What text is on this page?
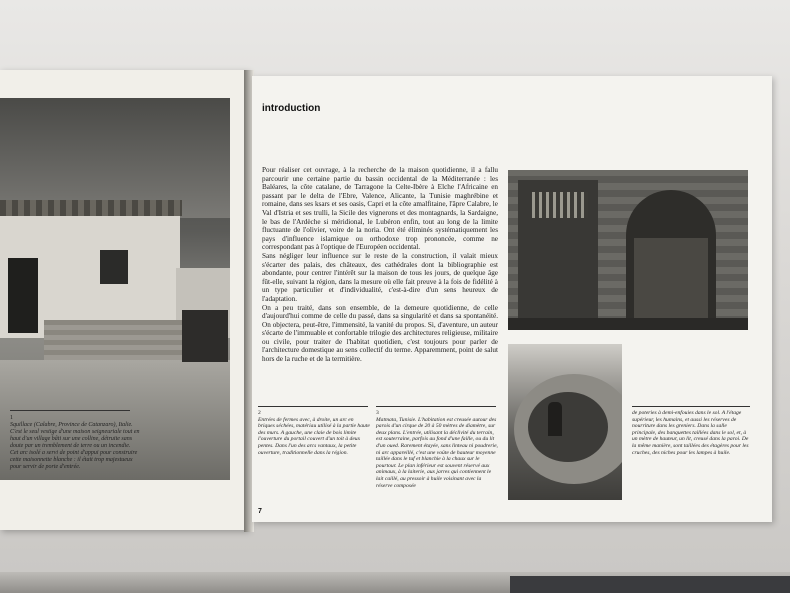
1
Squillace (Calabre, Province de Catanzaro), Italie. C'est le seul vestige d'une maison seigneuriale tout en haut d'un village bâti sur une colline, détruite sans doute par un tremblement de terre ou un incendie. Cet arc isolé a servi de point d'appui pour construire cette maisonnette blanche : il était trop majestueux pour servir de porte d'entrée.
introduction

Pour réaliser cet ouvrage, à la recherche de la maison quotidienne, il a fallu parcourir une certaine partie du bassin occidental de la Méditerranée : les Baléares, la côte catalane, de Tarragone la Celte-Ibère à Elche l'Africaine en passant par le delta de l'Ebre, Valence, Alicante, la Tunisie maghrébine et romaine, dans ses ksars et ses oasis, Capri et la côte amalfitaine, l'âpre Calabre, le Val d'Istria et ses trulli, la Sicile des vignerons et des montagnards, la Sardaigne, le bas de l'Ardèche si méridional, le Lubéron enfin, tout au long de la limite fluctuante de l'olivier, voire de la noria. Ont été éliminés systématiquement les pays d'influence islamique ou orthodoxe trop prononcée, comme ne correspondant pas à l'optique de l'Européen occidental.

Sans négliger leur influence sur le reste de la construction, il valait mieux s'écarter des palais, des châteaux, des cathédrales dont la bibliographie est abondante, pour centrer l'intérêt sur la maison de tous les jours, de quelque âge fût-elle, suivant la région, dans la mesure où elle fait preuve à la fois de fidélité à un type particulier et d'individualité, c'est-à-dire d'un sens heureux de l'adaptation.

On a peu traité, dans son ensemble, de la demeure quotidienne, de celle d'aujourd'hui comme de celle du passé, dans sa singularité et dans sa spontanéité. On objectera, peut-être, l'immensité, la vanité du propos. Si, d'aventure, un auteur s'écarte de l'immuable et confortable trilogie des architectures religieuse, militaire ou civile, pour traiter de l'habitat quotidien, c'est toujours pour parler de l'architecture domestique au sens collectif du terme. Apparemment, point de salut hors de la ruche et de la termitière.

2
Entrées de fermes avec, à droite, un arc en briques séchées, matériau utilisé à la partie haute des murs. A gauche, une claie de bois limite l'ouverture du portail couvert d'un toit à deux pentes. Dans l'un des arcs vantaux, la petite ouverture, traditionnelle dans la région.
3
Matmata, Tunisie. L'habitation est creusée autour des parois d'un cirque de 20 à 50 mètres de diamètre, sur deux plans. L'entrée, utilisant la déclivité du terrain, est souterraine, parfois au fond d'une faille, ou du lit d'un oued. Rarement étayée, sans linteau ni poudrerie, ni arc appareillé, c'est une voûte de hauteur moyenne taillée dans le tuf et blanchie à la chaux sur le pourtour. Le plan inférieur est souvent réservé aux animaux, à la laiterie, aux jarres qui contiennent le lait caillé, au pressoir à huile voisinant avec la réserve composée
de poteries à demi-enfouies dans le sol. A l'étage supérieur, les humains, et aussi les réserves de nourriture dans les greniers. Dans la salle principale, des banquettes taillées dans le sol, et, à un mètre de hauteur, un lit, creusé dans la paroi. De la même manière, sont taillées des étagères pour les cruches, des niches pour les lampes à huile.
7
